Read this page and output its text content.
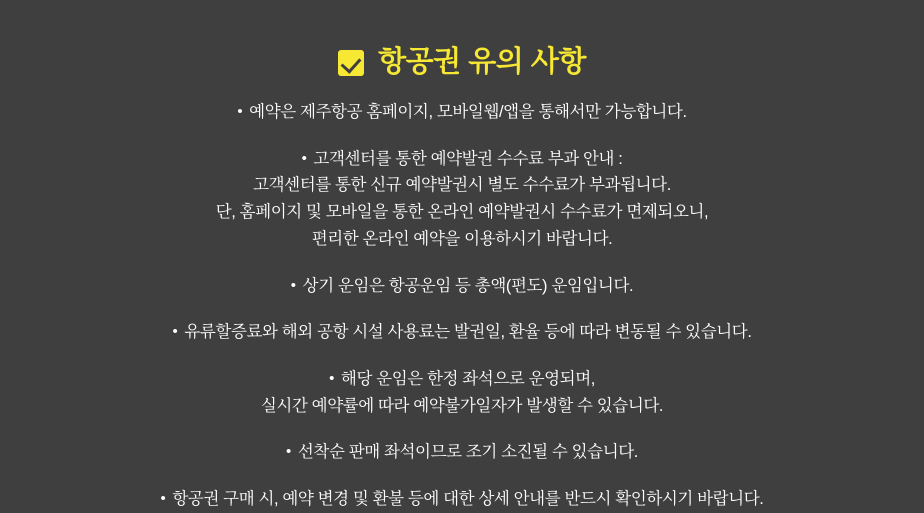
항공권 유의 사항
• 예약은 제주항공 홈페이지, 모바일웹/앱을 통해서만 가능합니다.
• 고객센터를 통한 예약발권 수수료 부과 안내 :
고객센터를 통한 신규 예약발권시 별도 수수료가 부과됩니다.
단, 홈페이지 및 모바일을 통한 온라인 예약발권시 수수료가 면제되오니,
편리한 온라인 예약을 이용하시기 바랍니다.
• 상기 운임은 항공운임 등 총액(편도) 운임입니다.
• 유류할증료와 해외 공항 시설 사용료는 발권일, 환율 등에 따라 변동될 수 있습니다.
• 해당 운임은 한정 좌석으로 운영되며,
실시간 예약률에 따라 예약불가일자가 발생할 수 있습니다.
• 선착순 판매 좌석이므로 조기 소진될 수 있습니다.
• 항공권 구매 시, 예약 변경 및 환불 등에 대한 상세 안내를 반드시 확인하시기 바랍니다.
